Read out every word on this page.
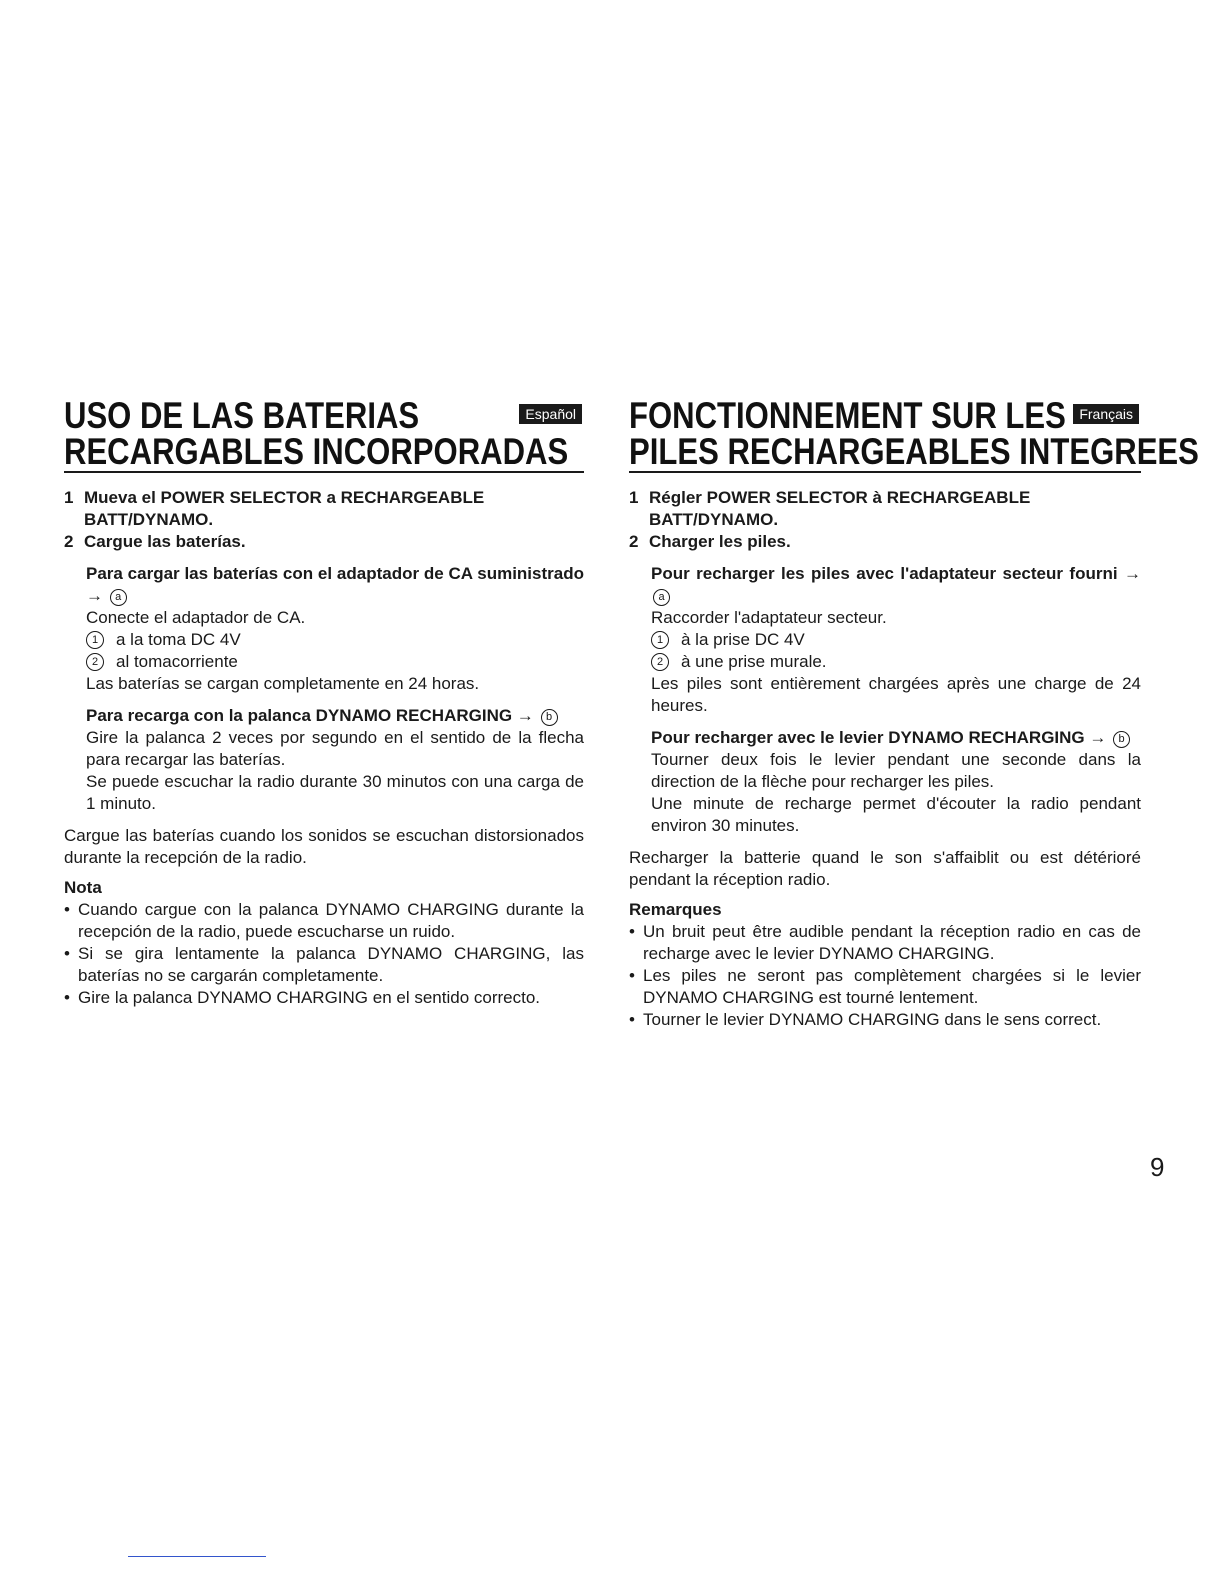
USO DE LAS BATERIAS
RECARGABLES INCORPORADAS
Español
1 Mueva el POWER SELECTOR a RECHARGEABLE BATT/DYNAMO.
2 Cargue las baterías.
Para cargar las baterías con el adaptador de CA suministrado → a

Conecte el adaptador de CA.

1	a la toma DC 4V
2	al tomacorriente

Las baterías se cargan completamente en 24 horas.

Para recarga con la palanca DYNAMO RECHARGING → b

Gire la palanca 2 veces por segundo en el sentido de la flecha para recargar las baterías.

Se puede escuchar la radio durante 30 minutos con una carga de 1 minuto.

Cargue las baterías cuando los sonidos se escuchan distorsionados durante la recepción de la radio.

Nota
• Cuando cargue con la palanca DYNAMO CHARGING durante la recepción de la radio, puede escucharse un ruido.
• Si se gira lentamente la palanca DYNAMO CHARGING, las baterías no se cargarán completamente.
• Gire la palanca DYNAMO CHARGING en el sentido correcto.
FONCTIONNEMENT SUR LES
PILES RECHARGEABLES INTEGREES
Français
1 Régler POWER SELECTOR à RECHARGEABLE BATT/DYNAMO.
2 Charger les piles.
Pour recharger les piles avec l'adaptateur secteur fourni → a

Raccorder l'adaptateur secteur.

1	à la prise DC 4V
2	à une prise murale.

Les piles sont entièrement chargées après une charge de 24 heures.

Pour recharger avec le levier DYNAMO RECHARGING → b

Tourner deux fois le levier pendant une seconde dans la direction de la flèche pour recharger les piles.

Une minute de recharge permet d'écouter la radio pendant environ 30 minutes.

Recharger la batterie quand le son s'affaiblit ou est détérioré pendant la réception radio.

Remarques
• Un bruit peut être audible pendant la réception radio en cas de recharge avec le levier DYNAMO CHARGING.
• Les piles ne seront pas complètement chargées si le levier DYNAMO CHARGING est tourné lentement.
• Tourner le levier DYNAMO CHARGING dans le sens correct.
9
